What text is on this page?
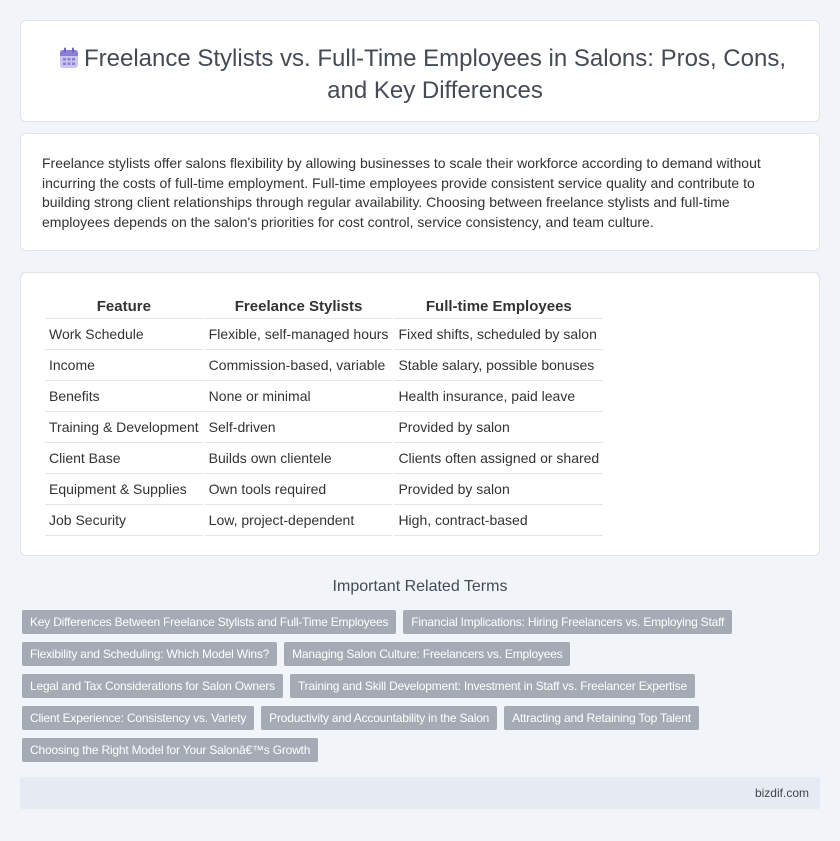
Freelance Stylists vs. Full-Time Employees in Salons: Pros, Cons, and Key Differences

Freelance stylists offer salons flexibility by allowing businesses to scale their workforce according to demand without incurring the costs of full-time employment. Full-time employees provide consistent service quality and contribute to building strong client relationships through regular availability. Choosing between freelance stylists and full-time employees depends on the salon's priorities for cost control, service consistency, and team culture.

Feature	Freelance Stylists	Full-time Employees
Work Schedule	Flexible, self-managed hours	Fixed shifts, scheduled by salon
Income	Commission-based, variable	Stable salary, possible bonuses
Benefits	None or minimal	Health insurance, paid leave
Training & Development	Self-driven	Provided by salon
Client Base	Builds own clientele	Clients often assigned or shared
Equipment & Supplies	Own tools required	Provided by salon
Job Security	Low, project-dependent	High, contract-based
Important Related Terms
Key Differences Between Freelance Stylists and Full-Time Employees	Financial Implications: Hiring Freelancers vs. Employing Staff
Flexibility and Scheduling: Which Model Wins?	Managing Salon Culture: Freelancers vs. Employees
Legal and Tax Considerations for Salon Owners	Training and Skill Development: Investment in Staff vs. Freelancer Expertise
Client Experience: Consistency vs. Variety	Productivity and Accountability in the Salon	Attracting and Retaining Top Talent
Choosing the Right Model for Your Salonâ€™s Growth
bizdif.com
